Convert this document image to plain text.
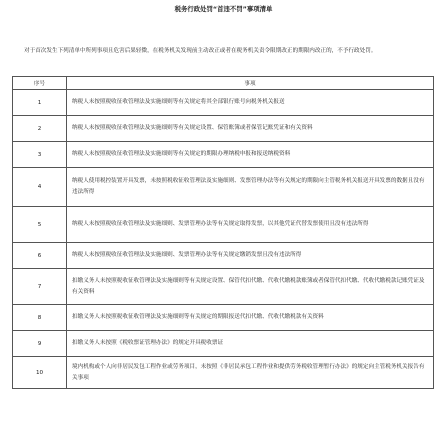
税务行政处罚“首违不罚”事项清单
对于首次发生下列清单中所列事项且危害后果轻微，在税务机关发现前主动改正或者在税务机关责令限期改正的期限内改正的，不予行政处罚。
序号	事项
1	纳税人未按照税收征收管理法及实施细则等有关规定将其全部银行账号向税务机关报送
2	纳税人未按照税收征收管理法及实施细则等有关规定设置、保管账簿或者保管记账凭证和有关资料
3	纳税人未按照税收征收管理法及实施细则等有关规定的期限办理纳税申报和报送纳税资料
4	纳税人使用税控装置开具发票，未按照税收征收管理法及实施细则、发票管理办法等有关规定的期限向主管税务机关报送开具发票的数据且没有违法所得
5	纳税人未按照税收征收管理法及实施细则、发票管理办法等有关规定取得发票，以其他凭证代替发票使用且没有违法所得
6	纳税人未按照税收征收管理法及实施细则、发票管理办法等有关规定缴销发票且没有违法所得
7	扣缴义务人未按照税收征收管理法及实施细则等有关规定设置、保管代扣代缴、代收代缴税款账簿或者保管代扣代缴、代收代缴税款记账凭证及有关资料
8	扣缴义务人未按照税收征收管理法及实施细则等有关规定的期限报送代扣代缴、代收代缴税款有关资料
9	扣缴义务人未按照《税收票证管理办法》的规定开具税收票证
10	境内机构或个人向非居民发包工程作业或劳务项目，未按照《非居民承包工程作业和提供劳务税收管理暂行办法》的规定向主管税务机关报告有关事项
